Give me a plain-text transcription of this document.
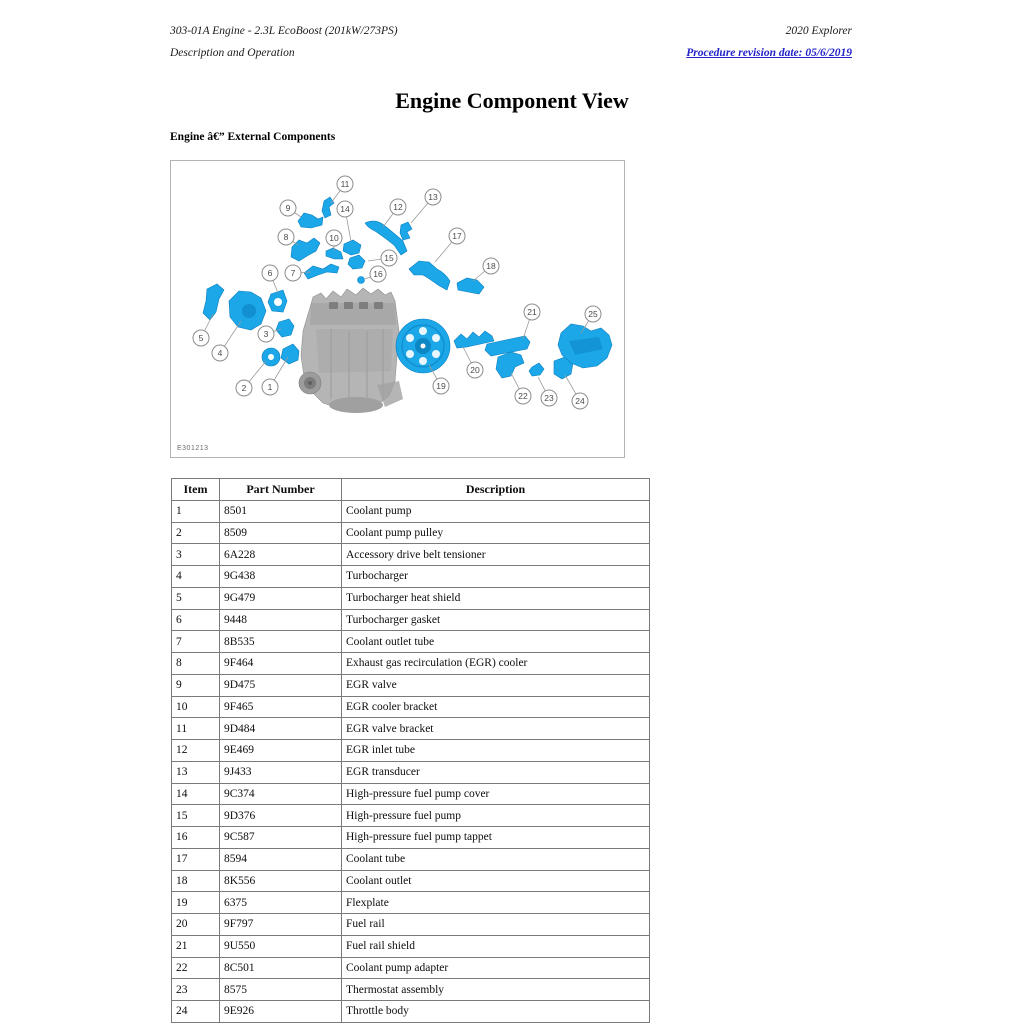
303-01A Engine - 2.3L EcoBoost (201kW/273PS)
Description and Operation
2020 Explorer
Procedure revision date: 05/6/2019
Engine Component View
Engine â€” External Components
1
2
3
4
5
6 7
8
9
10
11
12
13
14
15
16
17
18
19
20
21
22 23	24
25
E301213
Item	Part Number	Description
1	8501	Coolant pump
2	8509	Coolant pump pulley
3	6A228	Accessory drive belt tensioner
4	9G438	Turbocharger
5	9G479	Turbocharger heat shield
6	9448	Turbocharger gasket
7	8B535	Coolant outlet tube
8	9F464	Exhaust gas recirculation (EGR) cooler
9	9D475	EGR valve
10	9F465	EGR cooler bracket
11	9D484	EGR valve bracket
12	9E469	EGR inlet tube
13	9J433	EGR transducer
14	9C374	High-pressure fuel pump cover
15	9D376	High-pressure fuel pump
16	9C587	High-pressure fuel pump tappet
17	8594	Coolant tube
18	8K556	Coolant outlet
19	6375	Flexplate
20	9F797	Fuel rail
21	9U550	Fuel rail shield
22	8C501	Coolant pump adapter
23	8575	Thermostat assembly
24	9E926	Throttle body
